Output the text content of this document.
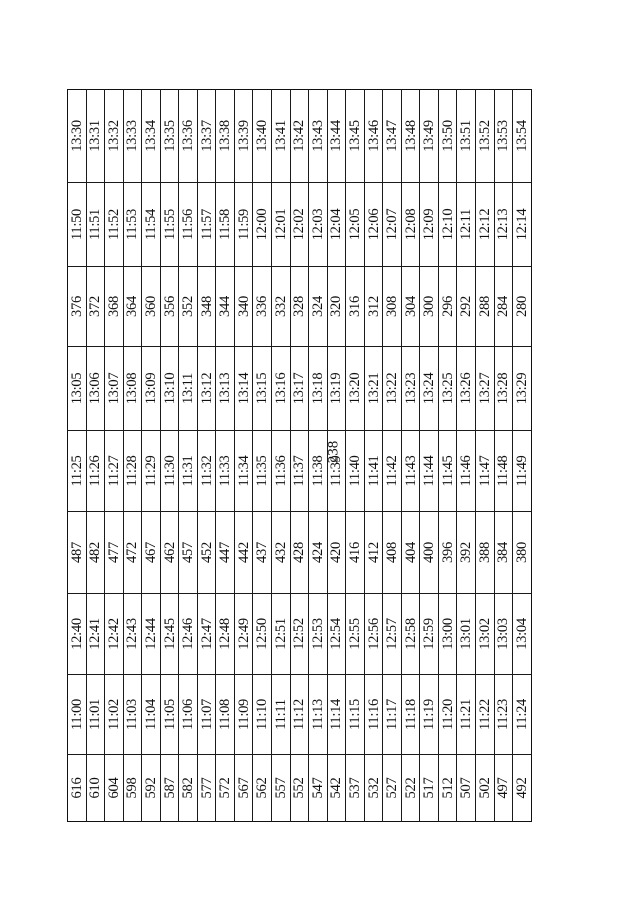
238
616	11:00	12:40	487	11:25	13:05	376	11:50	13:30
610	11:01	12:41	482	11:26	13:06	372	11:51	13:31
604	11:02	12:42	477	11:27	13:07	368	11:52	13:32
598	11:03	12:43	472	11:28	13:08	364	11:53	13:33
592	11:04	12:44	467	11:29	13:09	360	11:54	13:34
587	11:05	12:45	462	11:30	13:10	356	11:55	13:35
582	11:06	12:46	457	11:31	13:11	352	11:56	13:36
577	11:07	12:47	452	11:32	13:12	348	11:57	13:37
572	11:08	12:48	447	11:33	13:13	344	11:58	13:38
567	11:09	12:49	442	11:34	13:14	340	11:59	13:39
562	11:10	12:50	437	11:35	13:15	336	12:00	13:40
557	11:11	12:51	432	11:36	13:16	332	12:01	13:41
552	11:12	12:52	428	11:37	13:17	328	12:02	13:42
547	11:13	12:53	424	11:38	13:18	324	12:03	13:43
542	11:14	12:54	420	11:39	13:19	320	12:04	13:44
537	11:15	12:55	416	11:40	13:20	316	12:05	13:45
532	11:16	12:56	412	11:41	13:21	312	12:06	13:46
527	11:17	12:57	408	11:42	13:22	308	12:07	13:47
522	11:18	12:58	404	11:43	13:23	304	12:08	13:48
517	11:19	12:59	400	11:44	13:24	300	12:09	13:49
512	11:20	13:00	396	11:45	13:25	296	12:10	13:50
507	11:21	13:01	392	11:46	13:26	292	12:11	13:51
502	11:22	13:02	388	11:47	13:27	288	12:12	13:52
497	11:23	13:03	384	11:48	13:28	284	12:13	13:53
492	11:24	13:04	380	11:49	13:29	280	12:14	13:54
